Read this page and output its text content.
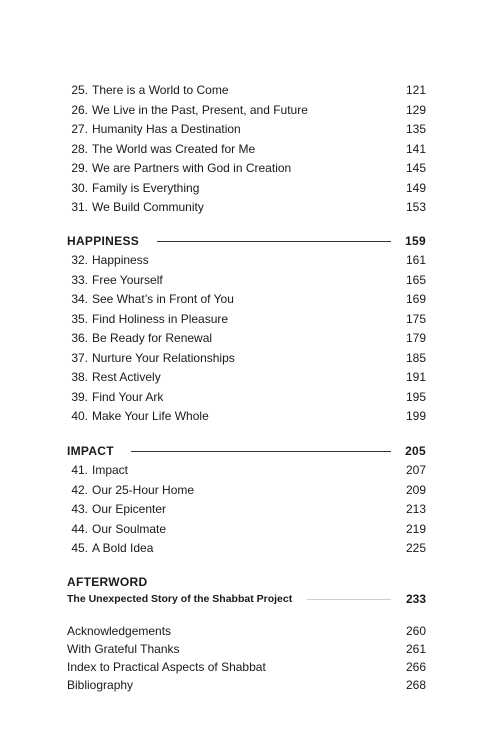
25. There is a World to Come	121
26. We Live in the Past, Present, and Future	129
27. Humanity Has a Destination	135
28. The World was Created for Me	141
29. We are Partners with God in Creation	145
30. Family is Everything	149
31. We Build Community	153
HAPPINESS	159
32. Happiness	161
33. Free Yourself	165
34. See What’s in Front of You	169
35. Find Holiness in Pleasure	175
36. Be Ready for Renewal	179
37. Nurture Your Relationships	185
38. Rest Actively	191
39. Find Your Ark	195
40. Make Your Life Whole	199
IMPACT	205
41. Impact	207
42. Our 25-Hour Home	209
43. Our Epicenter	213
44. Our Soulmate	219
45. A Bold Idea	225
AFTERWORD
The Unexpected Story of the Shabbat Project	233
Acknowledgements	260
With Grateful Thanks	261
Index to Practical Aspects of Shabbat	266
Bibliography	268
